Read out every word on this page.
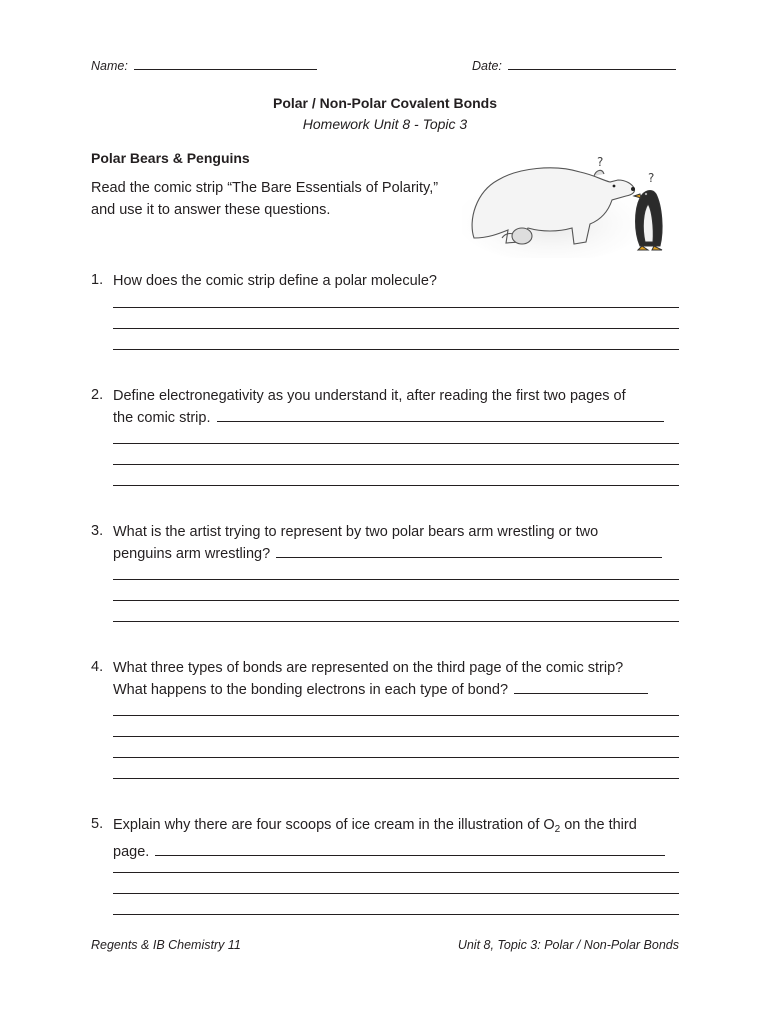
Name:	Date:
Polar / Non-Polar Covalent Bonds
Homework Unit 8 - Topic 3
Polar Bears & Penguins
Read the comic strip “The Bare Essentials of Polarity,” and use it to answer these questions.
?
?
1. How does the comic strip define a polar molecule?
2. Define electronegativity as you understand it, after reading the first two pages of
the comic strip.
3. What is the artist trying to represent by two polar bears arm wrestling or two
penguins arm wrestling?
4. What three types of bonds are represented on the third page of the comic strip?
What happens to the bonding electrons in each type of bond?
5. Explain why there are four scoops of ice cream in the illustration of $O_2$ on the third
page.
Regents & IB Chemistry 11	Unit 8, Topic 3: Polar / Non-Polar Bonds
